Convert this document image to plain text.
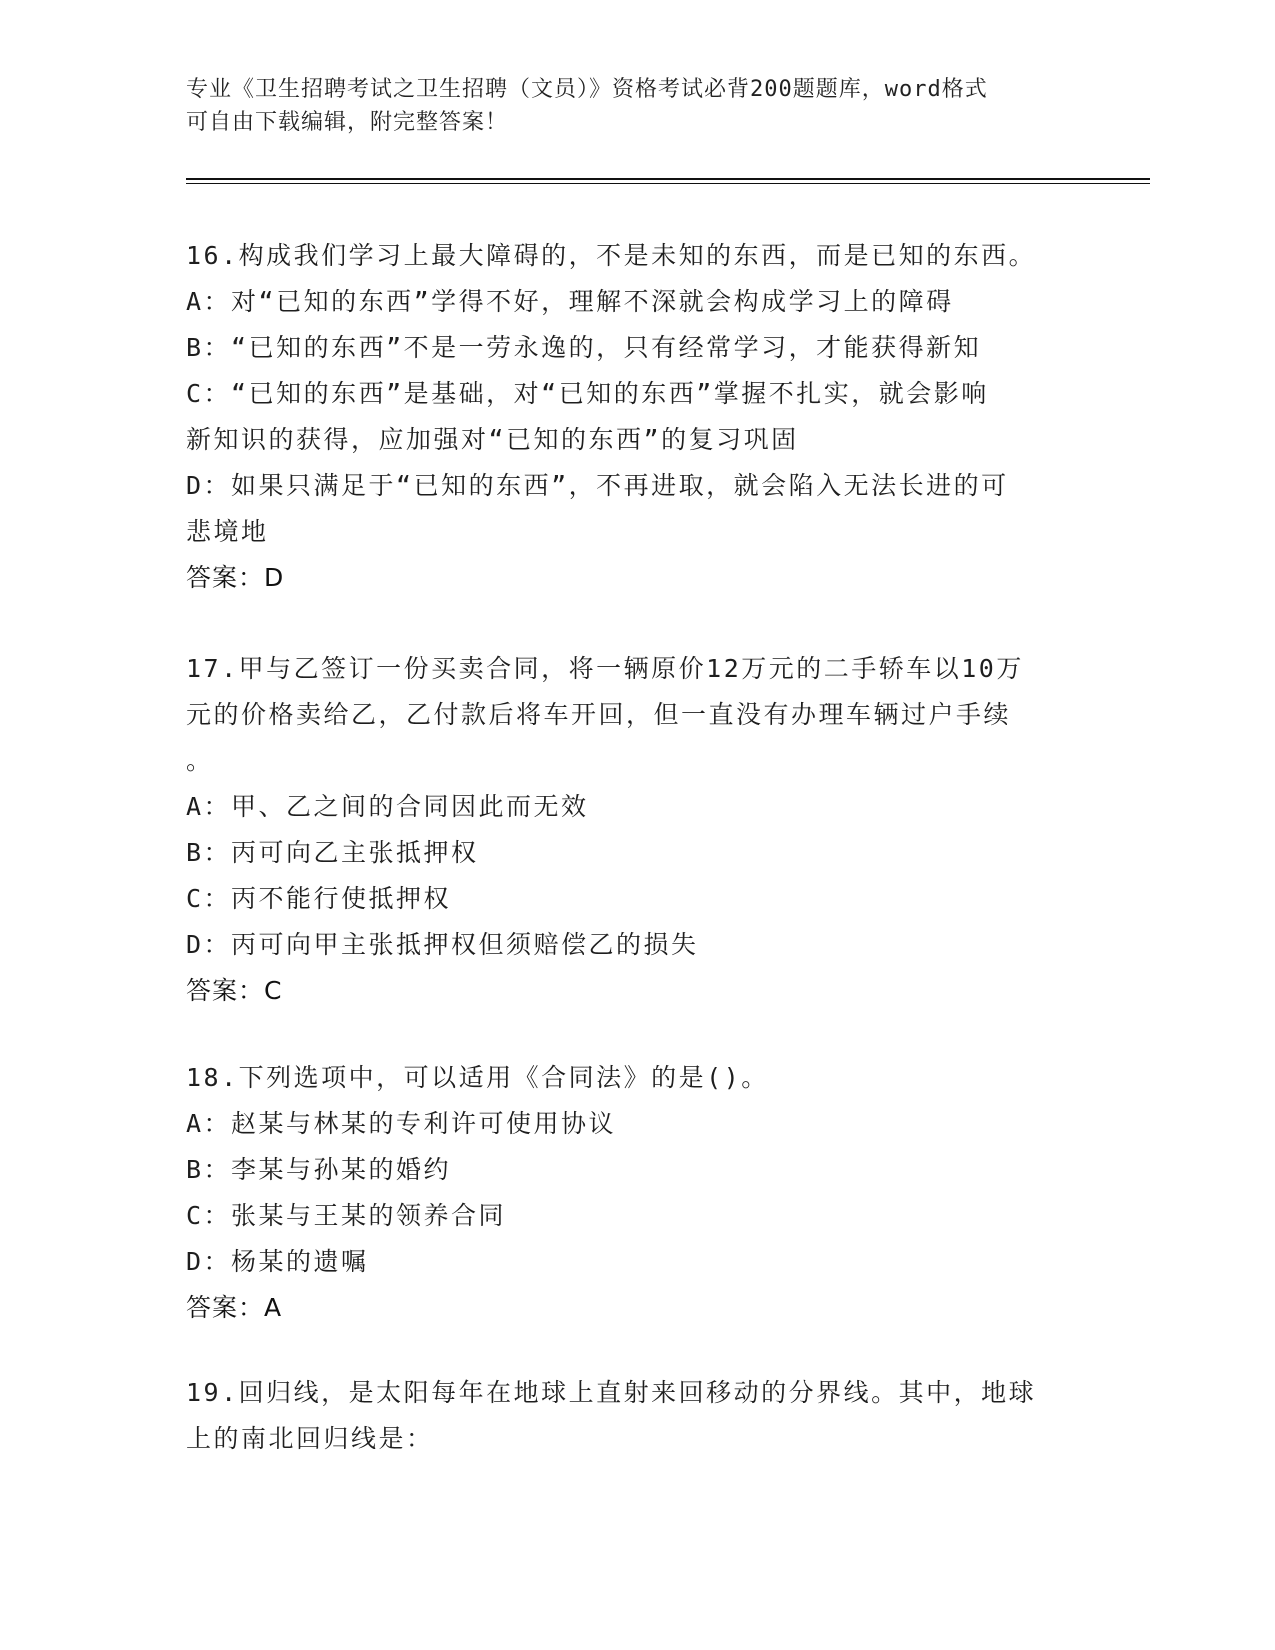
专业《卫生招聘考试之卫生招聘（文员）》资格考试必背200题题库，word格式
可自由下载编辑，附完整答案！
16.构成我们学习上最大障碍的，不是未知的东西，而是已知的东西。
A：对“已知的东西”学得不好，理解不深就会构成学习上的障碍
B：“已知的东西”不是一劳永逸的，只有经常学习，才能获得新知
C：“已知的东西”是基础，对“已知的东西”掌握不扎实，就会影响
新知识的获得，应加强对“已知的东西”的复习巩固
D：如果只满足于“已知的东西”，不再进取，就会陷入无法长进的可
悲境地
答案：D
17.甲与乙签订一份买卖合同，将一辆原价12万元的二手轿车以10万
元的价格卖给乙，乙付款后将车开回，但一直没有办理车辆过户手续
。
A：甲、乙之间的合同因此而无效
B：丙可向乙主张抵押权
C：丙不能行使抵押权
D：丙可向甲主张抵押权但须赔偿乙的损失
答案：C
18.下列选项中，可以适用《合同法》的是()。
A：赵某与林某的专利许可使用协议
B：李某与孙某的婚约
C：张某与王某的领养合同
D：杨某的遗嘱
答案：A
19.回归线，是太阳每年在地球上直射来回移动的分界线。其中，地球
上的南北回归线是：
